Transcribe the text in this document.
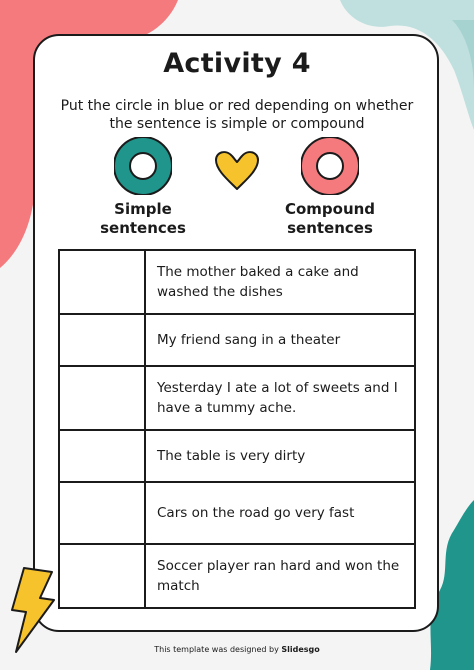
Activity 4
Put the circle in blue or red depending on whether the sentence is simple or compound
Simple
sentences
Compound
sentences
	The mother baked a cake and washed the dishes
	My friend sang in a theater
	Yesterday I ate a lot of sweets and I have a tummy ache.
	The table is very dirty
	Cars on the road go very fast
	Soccer player ran hard and won the match
This template was designed by Slidesgo
